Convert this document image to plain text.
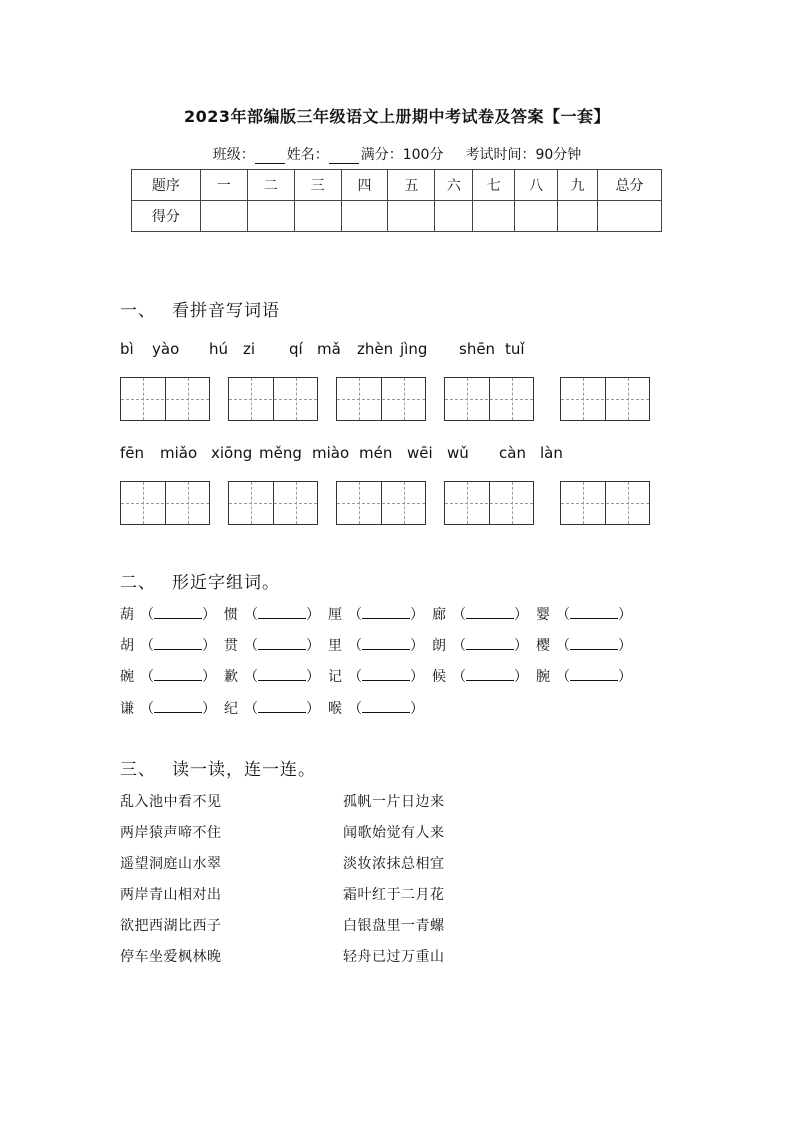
2023年部编版三年级语文上册期中考试卷及答案【一套】
班级： 姓名： 满分：100分 考试时间：90分钟
题序	一	二	三	四	五	六	七	八	九	总分
得分										
一、 看拼音写词语
bì yào hú zi qí mǎ zhèn jìng shēn tuǐ
fēn miǎo xiōng měng miào mén wēi wǔ càn làn
二、 形近字组词。
葫 （	） 惯 （	） 厘 （	） 廊 （	） 婴 （	）
胡 （	） 贯 （	） 里 （	） 朗 （	） 樱 （	）
碗 （	） 歉 （	） 记 （	） 候 （	） 腕 （	）
谦 （	） 纪 （	） 喉 （	）
三、 读一读，连一连。
乱入池中看不见
两岸猿声啼不住
遥望洞庭山水翠
两岸青山相对出
欲把西湖比西子
停车坐爱枫林晚
孤帆一片日边来
闻歌始觉有人来
淡妆浓抹总相宜
霜叶红于二月花
白银盘里一青螺
轻舟已过万重山
